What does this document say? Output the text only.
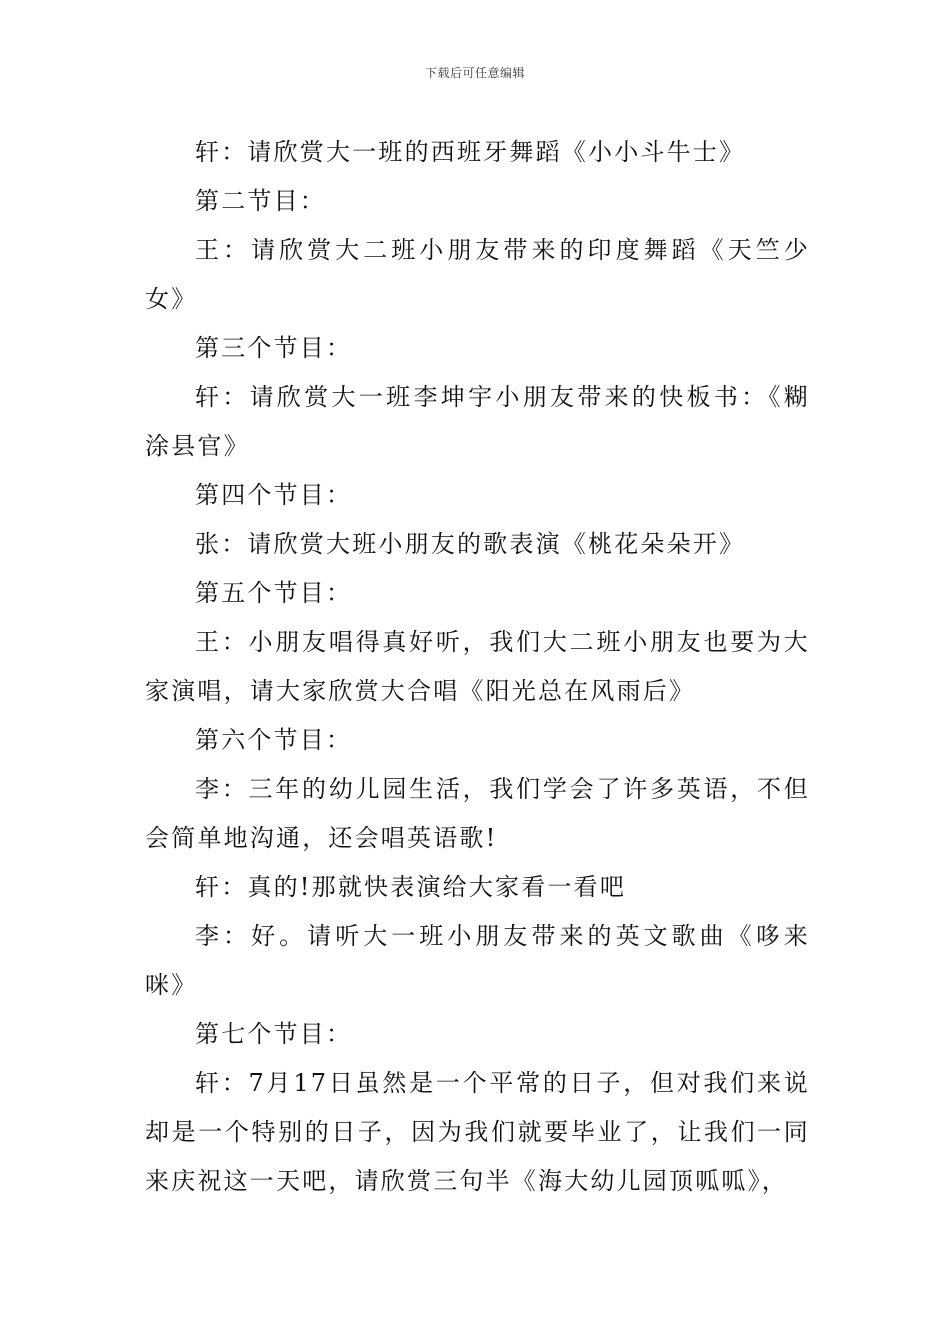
下载后可任意编辑

轩：请欣赏大一班的西班牙舞蹈《小小斗牛士》

第二节目：

王：请欣赏大二班小朋友带来的印度舞蹈《天竺少女》

第三个节目：

轩：请欣赏大一班李坤宇小朋友带来的快板书：《糊涂县官》

第四个节目：

张：请欣赏大班小朋友的歌表演《桃花朵朵开》

第五个节目：

王：小朋友唱得真好听，我们大二班小朋友也要为大家演唱，请大家欣赏大合唱《阳光总在风雨后》

第六个节目：

李：三年的幼儿园生活，我们学会了许多英语，不但会简单地沟通，还会唱英语歌!

轩：真的!那就快表演给大家看一看吧

李：好。请听大一班小朋友带来的英文歌曲《哆来咪》

第七个节目：

轩：7月17日虽然是一个平常的日子，但对我们来说却是一个特别的日子，因为我们就要毕业了，让我们一同来庆祝这一天吧，请欣赏三句半《海大幼儿园顶呱呱》，
